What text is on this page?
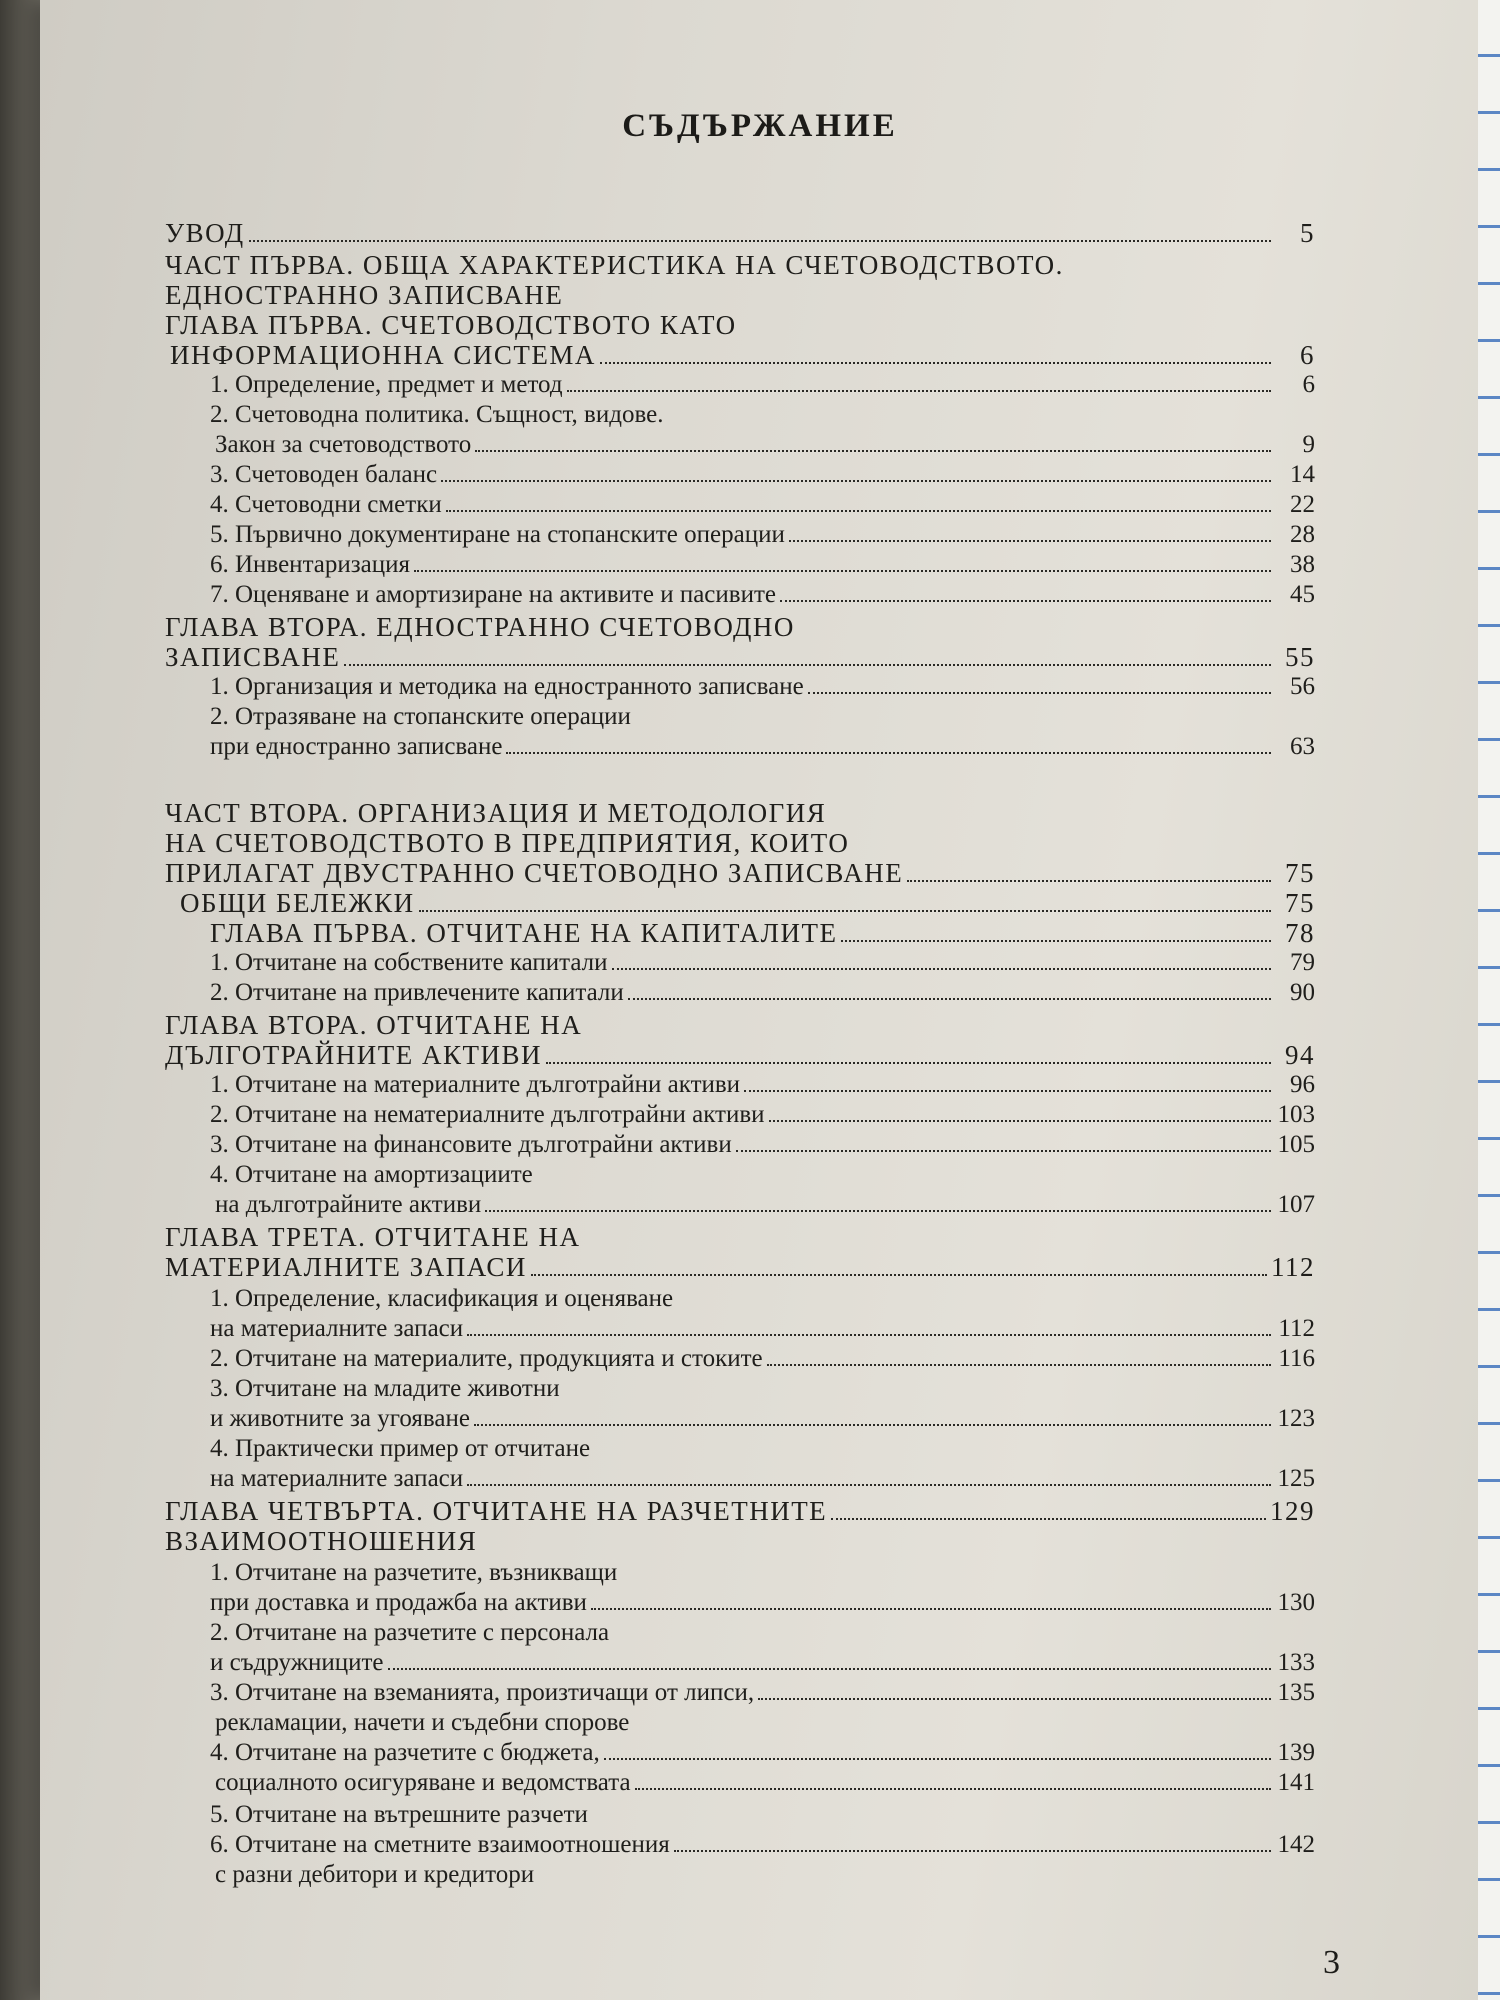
СЪДЪРЖАНИЕ
УВОД	5
ЧАСТ ПЪРВА. ОБЩА ХАРАКТЕРИСТИКА НА СЧЕТОВОДСТВОТО.
ЕДНОСТРАННО ЗАПИСВАНЕ
ГЛАВА ПЪРВА. СЧЕТОВОДСТВОТО КАТО
ИНФОРМАЦИОННА СИСТЕМА	6
1. Определение, предмет и метод	6
2. Счетоводна политика. Същност, видове.
Закон за счетоводството	9
3. Счетоводен баланс	14
4. Счетоводни сметки	22
5. Първично документиране на стопанските операции	28
6. Инвентаризация	38
7. Оценяване и амортизиране на активите и пасивите	45
ГЛАВА ВТОРА. ЕДНОСТРАННО СЧЕТОВОДНО
ЗАПИСВАНЕ	55
1. Организация и методика на едностранното записване	56
2. Отразяване на стопанските операции
при едностранно записване	63
ЧАСТ ВТОРА. ОРГАНИЗАЦИЯ И МЕТОДОЛОГИЯ
НА СЧЕТОВОДСТВОТО В ПРЕДПРИЯТИЯ, КОИТО
ПРИЛАГАТ ДВУСТРАННО СЧЕТОВОДНО ЗАПИСВАНЕ	75
ОБЩИ БЕЛЕЖКИ	75
ГЛАВА ПЪРВА. ОТЧИТАНЕ НА КАПИТАЛИТЕ	78
1. Отчитане на собствените капитали	79
2. Отчитане на привлечените капитали	90
ГЛАВА ВТОРА. ОТЧИТАНЕ НА
ДЪЛГОТРАЙНИТЕ АКТИВИ	94
1. Отчитане на материалните дълготрайни активи	96
2. Отчитане на нематериалните дълготрайни активи	103
3. Отчитане на финансовите дълготрайни активи	105
4. Отчитане на амортизациите
на дълготрайните активи	107
ГЛАВА ТРЕТА. ОТЧИТАНЕ НА
МАТЕРИАЛНИТЕ ЗАПАСИ	112
1. Определение, класификация и оценяване
на материалните запаси	112
2. Отчитане на материалите, продукцията и стоките	116
3. Отчитане на младите животни
и животните за угояване	123
4. Практически пример от отчитане
на материалните запаси	125
ГЛАВА ЧЕТВЪРТА. ОТЧИТАНЕ НА РАЗЧЕТНИТЕ	129
ВЗАИМООТНОШЕНИЯ
1. Отчитане на разчетите, възникващи
при доставка и продажба на активи	130
2. Отчитане на разчетите с персонала
и съдружниците	133
3. Отчитане на вземанията, произтичащи от липси,	135
рекламации, начети и съдебни спорове
4. Отчитане на разчетите с бюджета,	139
социалното осигуряване и ведомствата	141
5. Отчитане на вътрешните разчети
6. Отчитане на сметните взаимоотношения	142
с разни дебитори и кредитори
3
